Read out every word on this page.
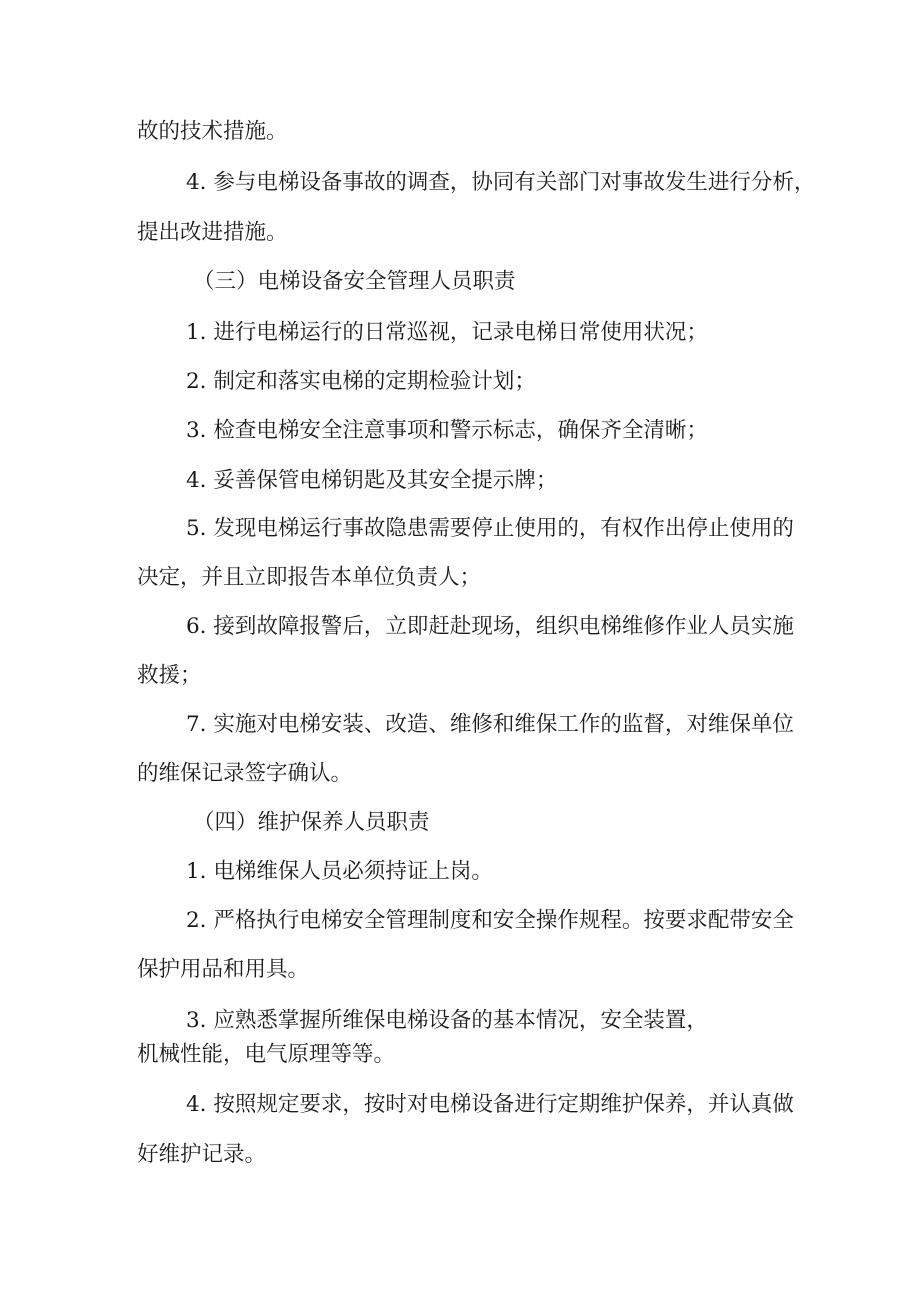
故的技术措施。

4. 参与电梯设备事故的调查，协同有关部门对事故发生进行分析，

提出改进措施。

（三）电梯设备安全管理人员职责

1. 进行电梯运行的日常巡视，记录电梯日常使用状况；

2. 制定和落实电梯的定期检验计划；

3. 检查电梯安全注意事项和警示标志，确保齐全清晰；

4. 妥善保管电梯钥匙及其安全提示牌；

5. 发现电梯运行事故隐患需要停止使用的，有权作出停止使用的

决定，并且立即报告本单位负责人；

6. 接到故障报警后，立即赶赴现场，组织电梯维修作业人员实施

救援；

7. 实施对电梯安装、改造、维修和维保工作的监督，对维保单位

的维保记录签字确认。

（四）维护保养人员职责

1. 电梯维保人员必须持证上岗。

2. 严格执行电梯安全管理制度和安全操作规程。按要求配带安全

保护用品和用具。

3. 应熟悉掌握所维保电梯设备的基本情况，安全装置，

机械性能，电气原理等等。

4. 按照规定要求，按时对电梯设备进行定期维护保养，并认真做

好维护记录。
